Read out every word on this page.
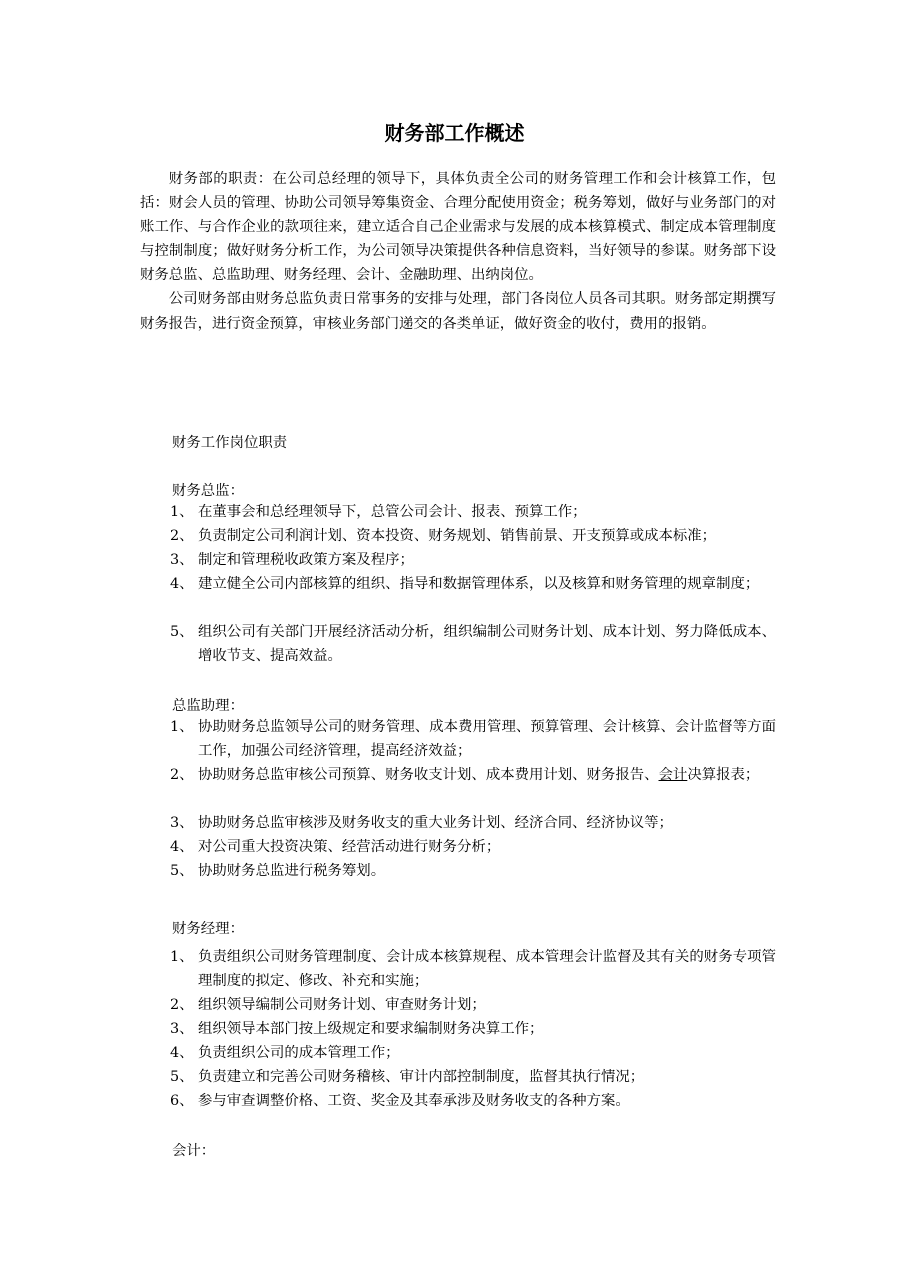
财务部工作概述

财务部的职责：在公司总经理的领导下，具体负责全公司的财务管理工作和会计核算工作，包括：财会人员的管理、协助公司领导筹集资金、合理分配使用资金；税务筹划，做好与业务部门的对账工作、与合作企业的款项往来，建立适合自己企业需求与发展的成本核算模式、制定成本管理制度与控制制度；做好财务分析工作，为公司领导决策提供各种信息资料，当好领导的参谋。财务部下设财务总监、总监助理、财务经理、会计、金融助理、出纳岗位。

公司财务部由财务总监负责日常事务的安排与处理，部门各岗位人员各司其职。财务部定期撰写财务报告，进行资金预算，审核业务部门递交的各类单证，做好资金的收付，费用的报销。

财务工作岗位职责
财务总监：
1、 在董事会和总经理领导下，总管公司会计、报表、预算工作；
2、 负责制定公司利润计划、资本投资、财务规划、销售前景、开支预算或成本标准；
3、 制定和管理税收政策方案及程序；
4、 建立健全公司内部核算的组织、指导和数据管理体系，以及核算和财务管理的规章制度；
5、 组织公司有关部门开展经济活动分析，组织编制公司财务计划、成本计划、努力降低成本、增收节支、提高效益。
总监助理：
1、 协助财务总监领导公司的财务管理、成本费用管理、预算管理、会计核算、会计监督等方面工作，加强公司经济管理，提高经济效益；
2、 协助财务总监审核公司预算、财务收支计划、成本费用计划、财务报告、会计决算报表；
3、 协助财务总监审核涉及财务收支的重大业务计划、经济合同、经济协议等；
4、 对公司重大投资决策、经营活动进行财务分析；
5、 协助财务总监进行税务筹划。
财务经理：
1、 负责组织公司财务管理制度、会计成本核算规程、成本管理会计监督及其有关的财务专项管理制度的拟定、修改、补充和实施；
2、 组织领导编制公司财务计划、审查财务计划；
3、 组织领导本部门按上级规定和要求编制财务决算工作；
4、 负责组织公司的成本管理工作；
5、 负责建立和完善公司财务稽核、审计内部控制制度，监督其执行情况；
6、 参与审查调整价格、工资、奖金及其奉承涉及财务收支的各种方案。
会计：
